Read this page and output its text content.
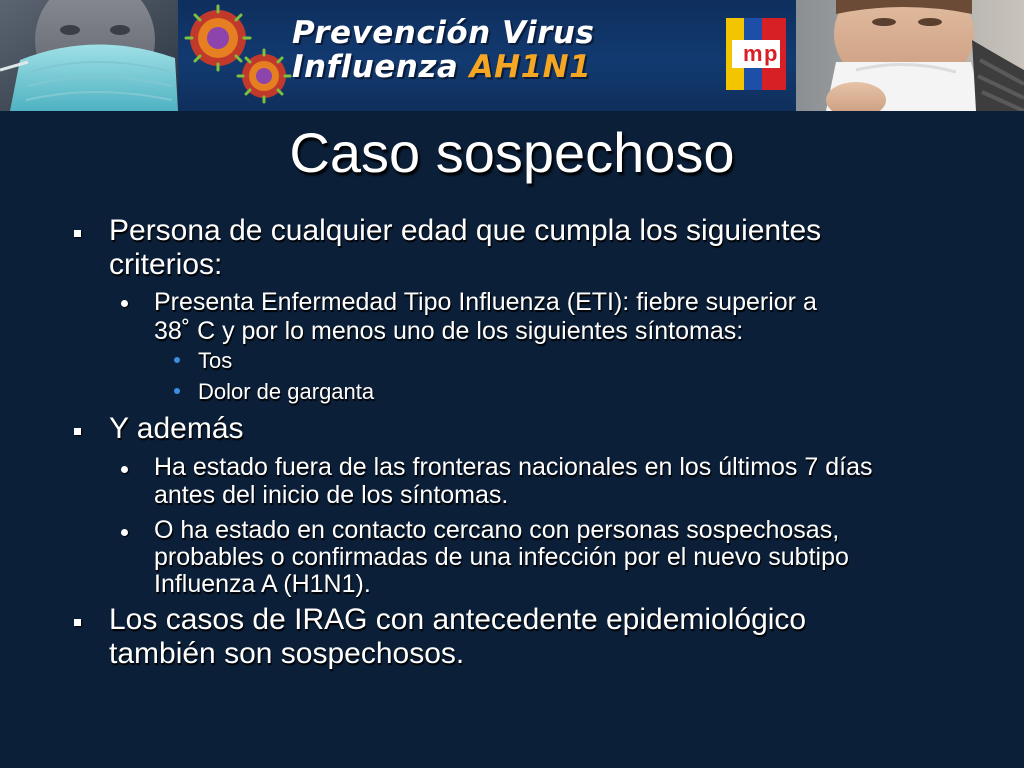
Prevención Virus
Influenza AH1N1	m p
Caso sospechoso
Persona de cualquier edad que cumpla los siguientes
criterios:
Presenta Enfermedad Tipo Influenza (ETI): fiebre superior a
38˚ C y por lo menos uno de los siguientes síntomas:
Tos
Dolor de garganta
Y además
Ha estado fuera de las fronteras nacionales en los últimos 7 días
antes del inicio de los síntomas.
O ha estado en contacto cercano con personas sospechosas,
probables o confirmadas de una infección por el nuevo subtipo
Influenza A (H1N1).
Los casos de IRAG con antecedente epidemiológico
también son sospechosos.
